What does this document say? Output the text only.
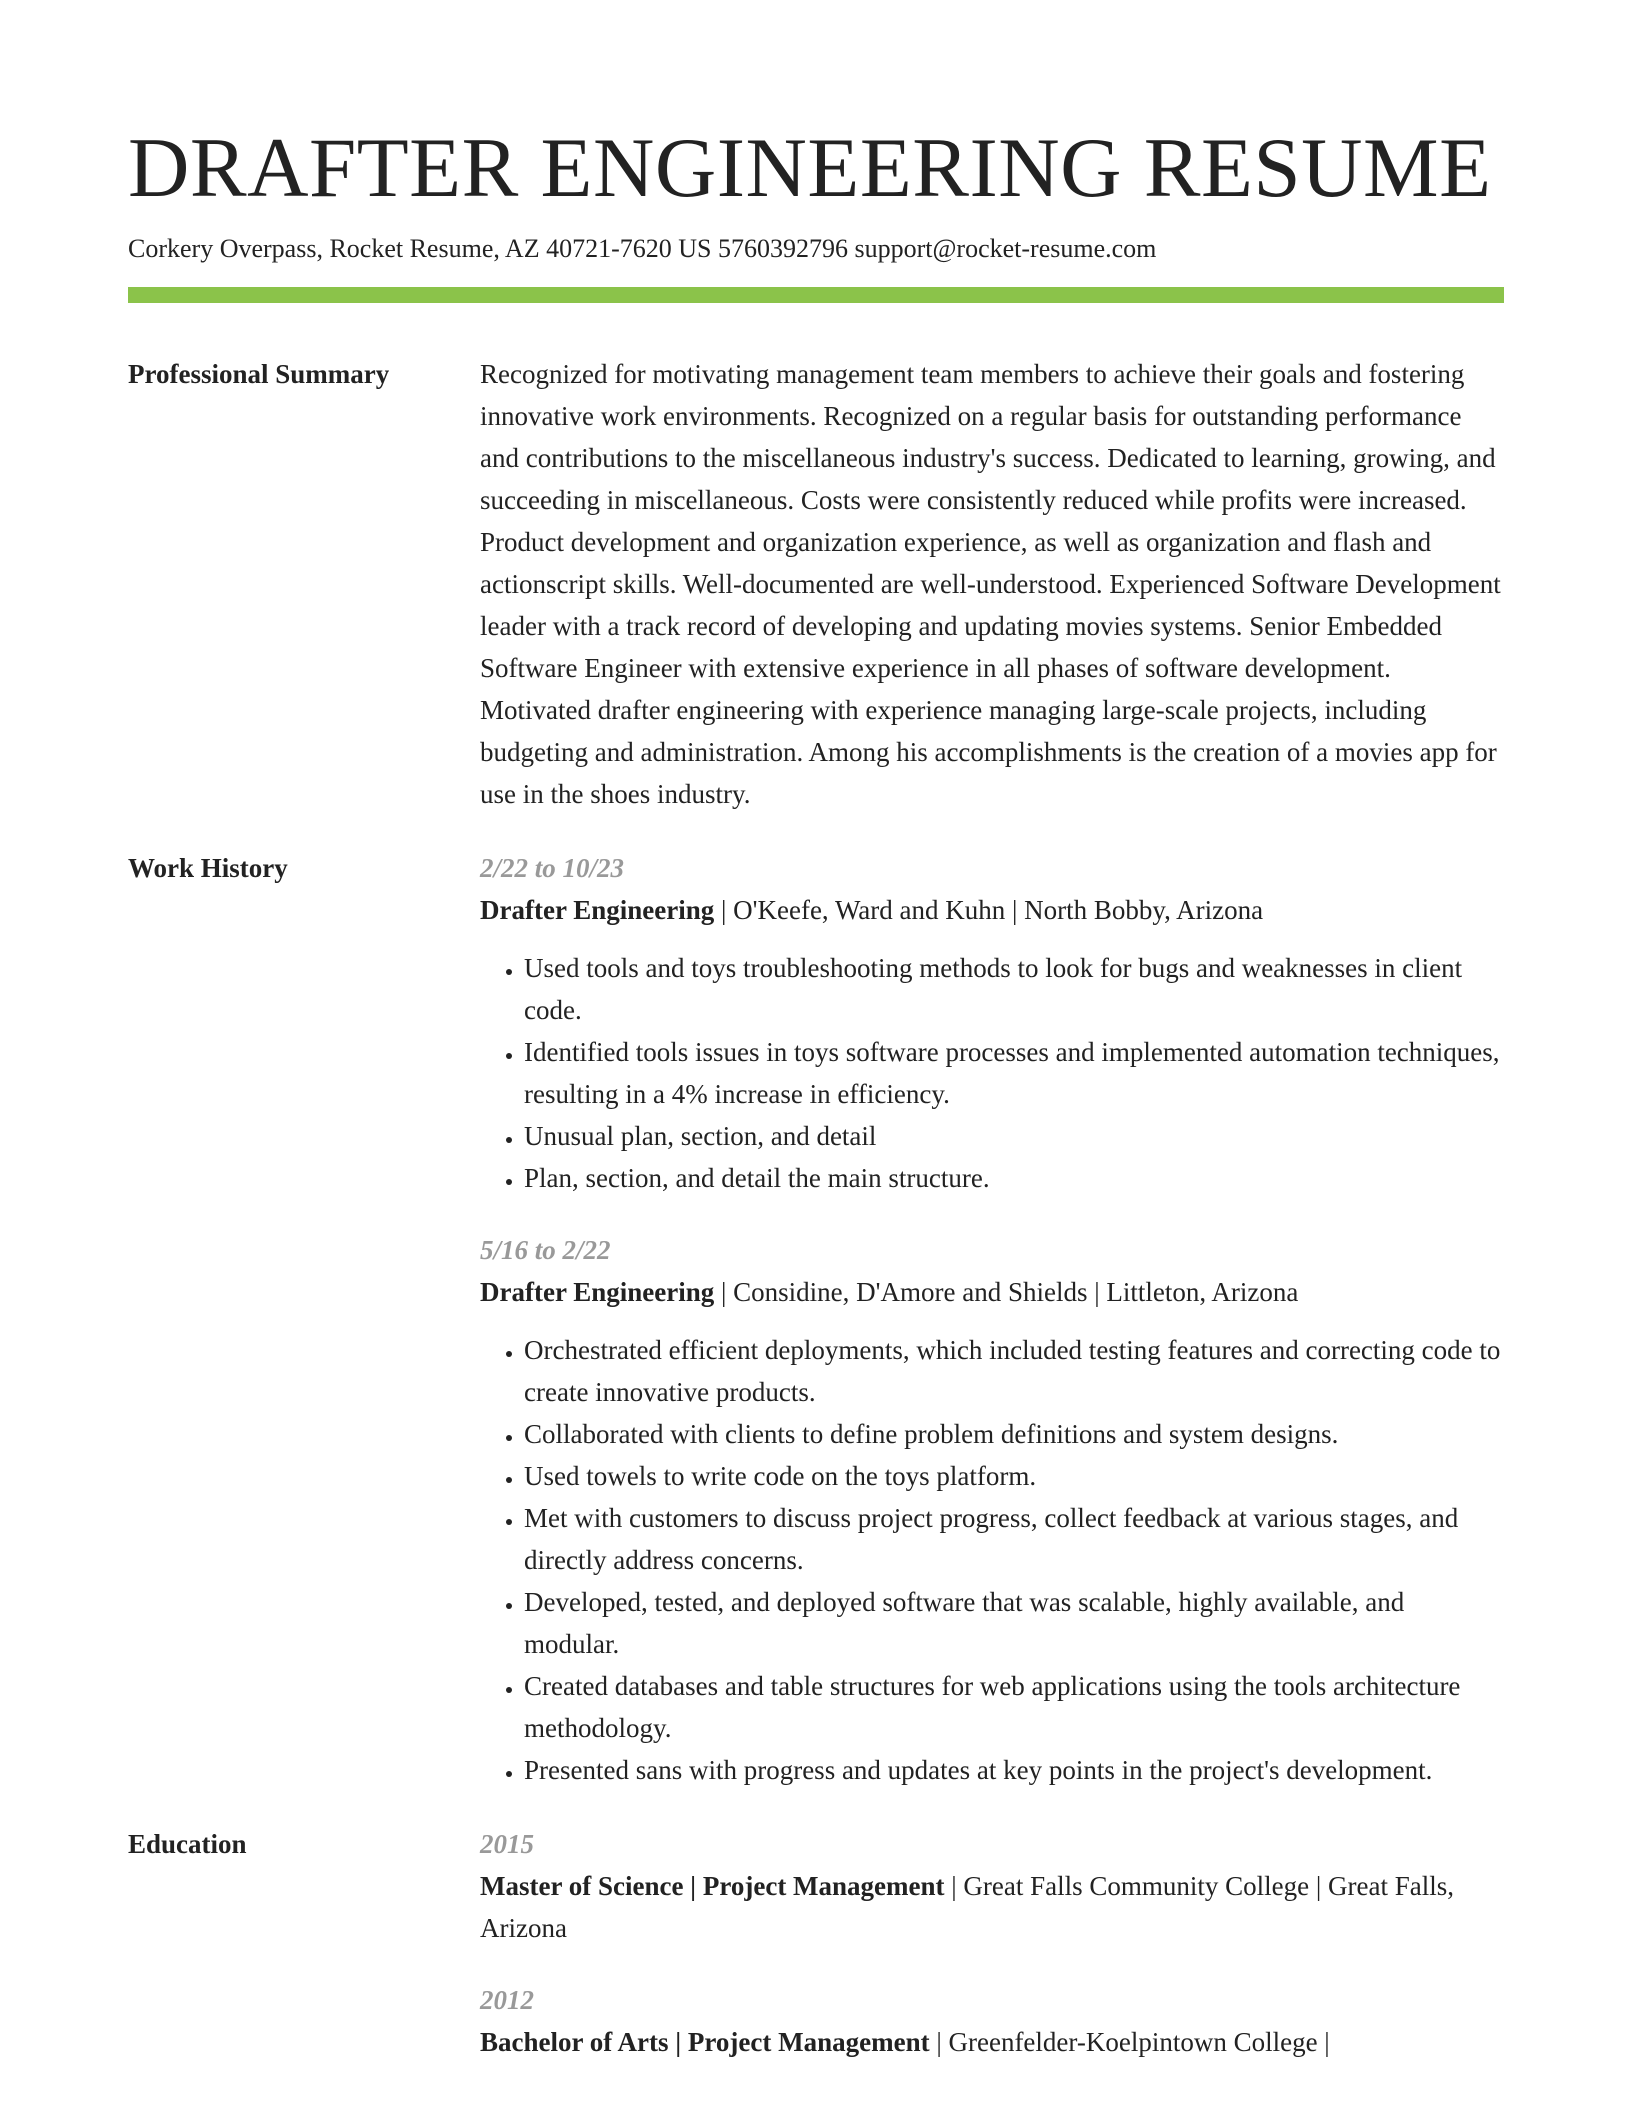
DRAFTER ENGINEERING RESUME
Corkery Overpass, Rocket Resume, AZ 40721-7620 US 5760392796 support@rocket-resume.com
Professional Summary	Recognized for motivating management team members to achieve their goals and fostering innovative work environments. Recognized on a regular basis for outstanding performance and contributions to the miscellaneous industry's success. Dedicated to learning, growing, and succeeding in miscellaneous. Costs were consistently reduced while profits were increased. Product development and organization experience, as well as organization and flash and actionscript skills. Well-documented are well-understood. Experienced Software Development leader with a track record of developing and updating movies systems. Senior Embedded Software Engineer with extensive experience in all phases of software development. Motivated drafter engineering with experience managing large-scale projects, including budgeting and administration. Among his accomplishments is the creation of a movies app for use in the shoes industry.
Work History	2/22 to 10/23
Drafter Engineering | O'Keefe, Ward and Kuhn | North Bobby, Arizona
• Used tools and toys troubleshooting methods to look for bugs and weaknesses in client code.
• Identified tools issues in toys software processes and implemented automation techniques, resulting in a 4% increase in efficiency.
• Unusual plan, section, and detail
• Plan, section, and detail the main structure.
5/16 to 2/22
Drafter Engineering | Considine, D'Amore and Shields | Littleton, Arizona
• Orchestrated efficient deployments, which included testing features and correcting code to create innovative products.
• Collaborated with clients to define problem definitions and system designs.
• Used towels to write code on the toys platform.
• Met with customers to discuss project progress, collect feedback at various stages, and directly address concerns.
• Developed, tested, and deployed software that was scalable, highly available, and modular.
• Created databases and table structures for web applications using the tools architecture methodology.
• Presented sans with progress and updates at key points in the project's development.
Education	2015
Master of Science | Project Management | Great Falls Community College | Great Falls, Arizona
2012
Bachelor of Arts | Project Management | Greenfelder-Koelpintown College |
